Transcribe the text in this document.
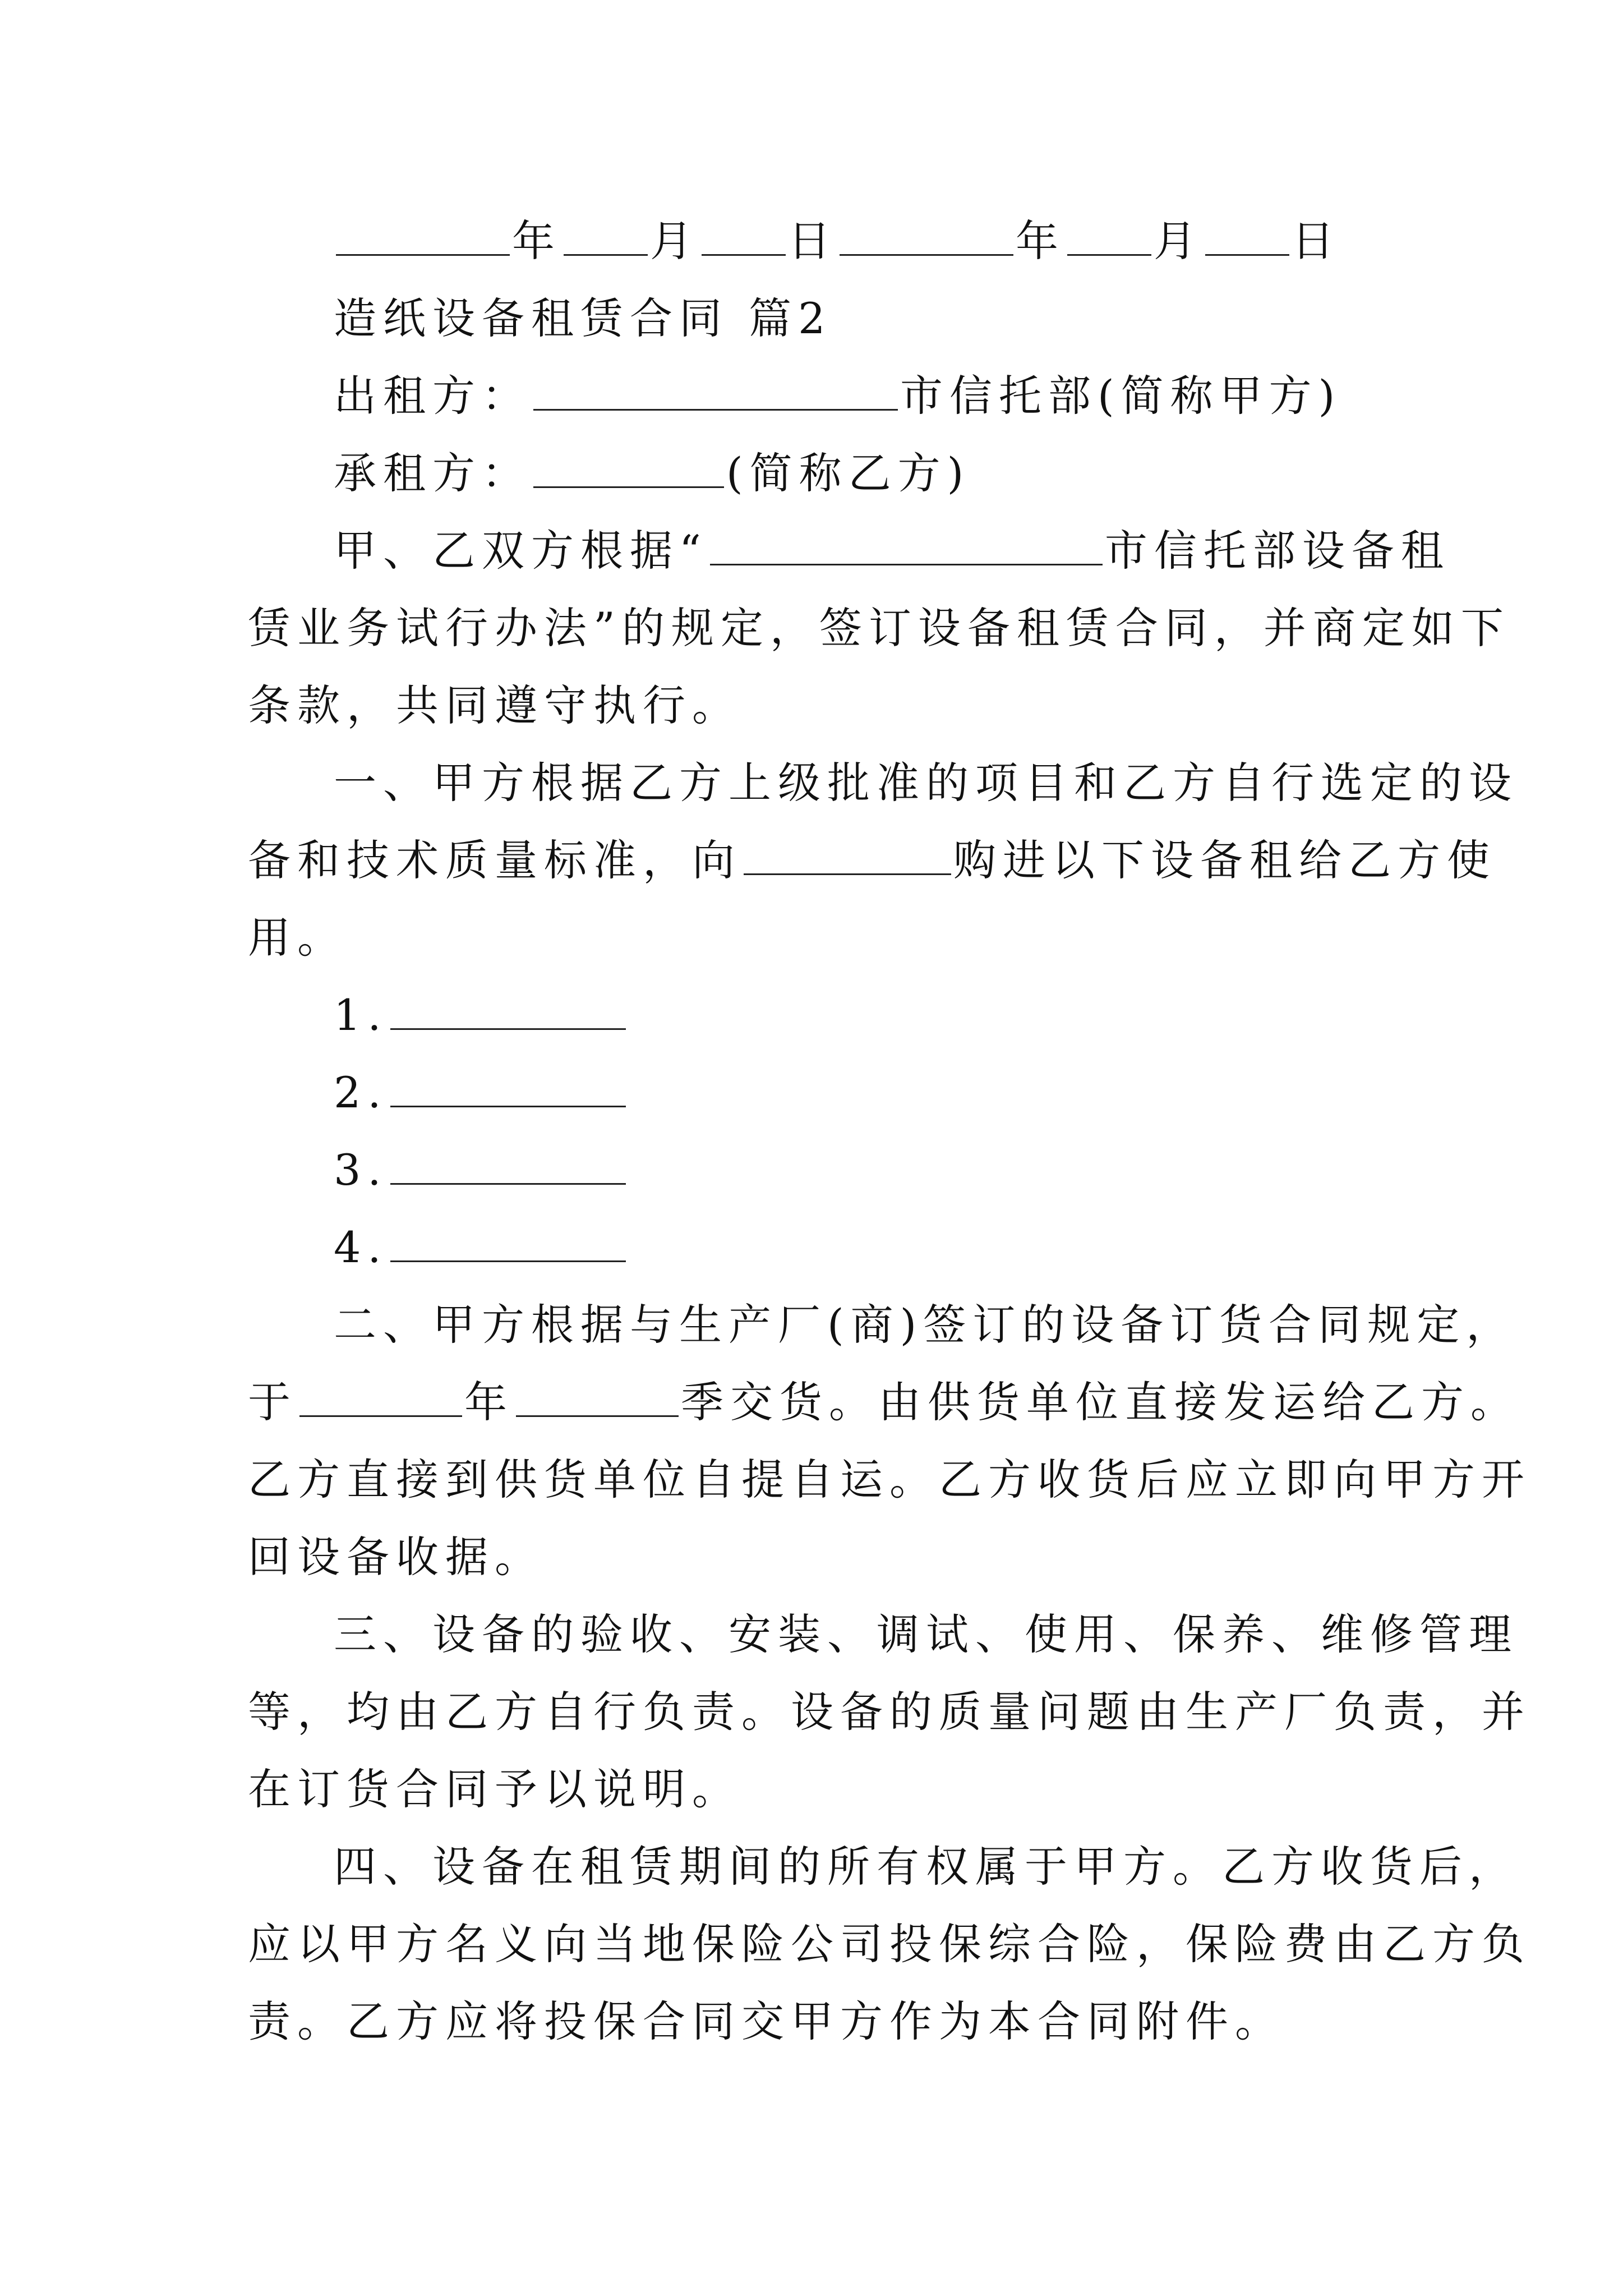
年 月 日	年 月 日
造纸设备租赁合同 篇2
出租方：	市信托部(简称甲方)
承租方：	(简称乙方)
甲、乙双方根据“	市信托部设备租
赁业务试行办法”的规定，签订设备租赁合同，并商定如下
条款，共同遵守执行。
一、甲方根据乙方上级批准的项目和乙方自行选定的设
备和技术质量标准，向	购进以下设备租给乙方使
用。
1.
2.
3.
4.
二、甲方根据与生产厂(商)签订的设备订货合同规定，
于	年	季交货。由供货单位直接发运给乙方。
乙方直接到供货单位自提自运。乙方收货后应立即向甲方开
回设备收据。
三、设备的验收、安装、调试、使用、保养、维修管理
等，均由乙方自行负责。设备的质量问题由生产厂负责，并
在订货合同予以说明。
四、设备在租赁期间的所有权属于甲方。乙方收货后，
应以甲方名义向当地保险公司投保综合险，保险费由乙方负
责。乙方应将投保合同交甲方作为本合同附件。
